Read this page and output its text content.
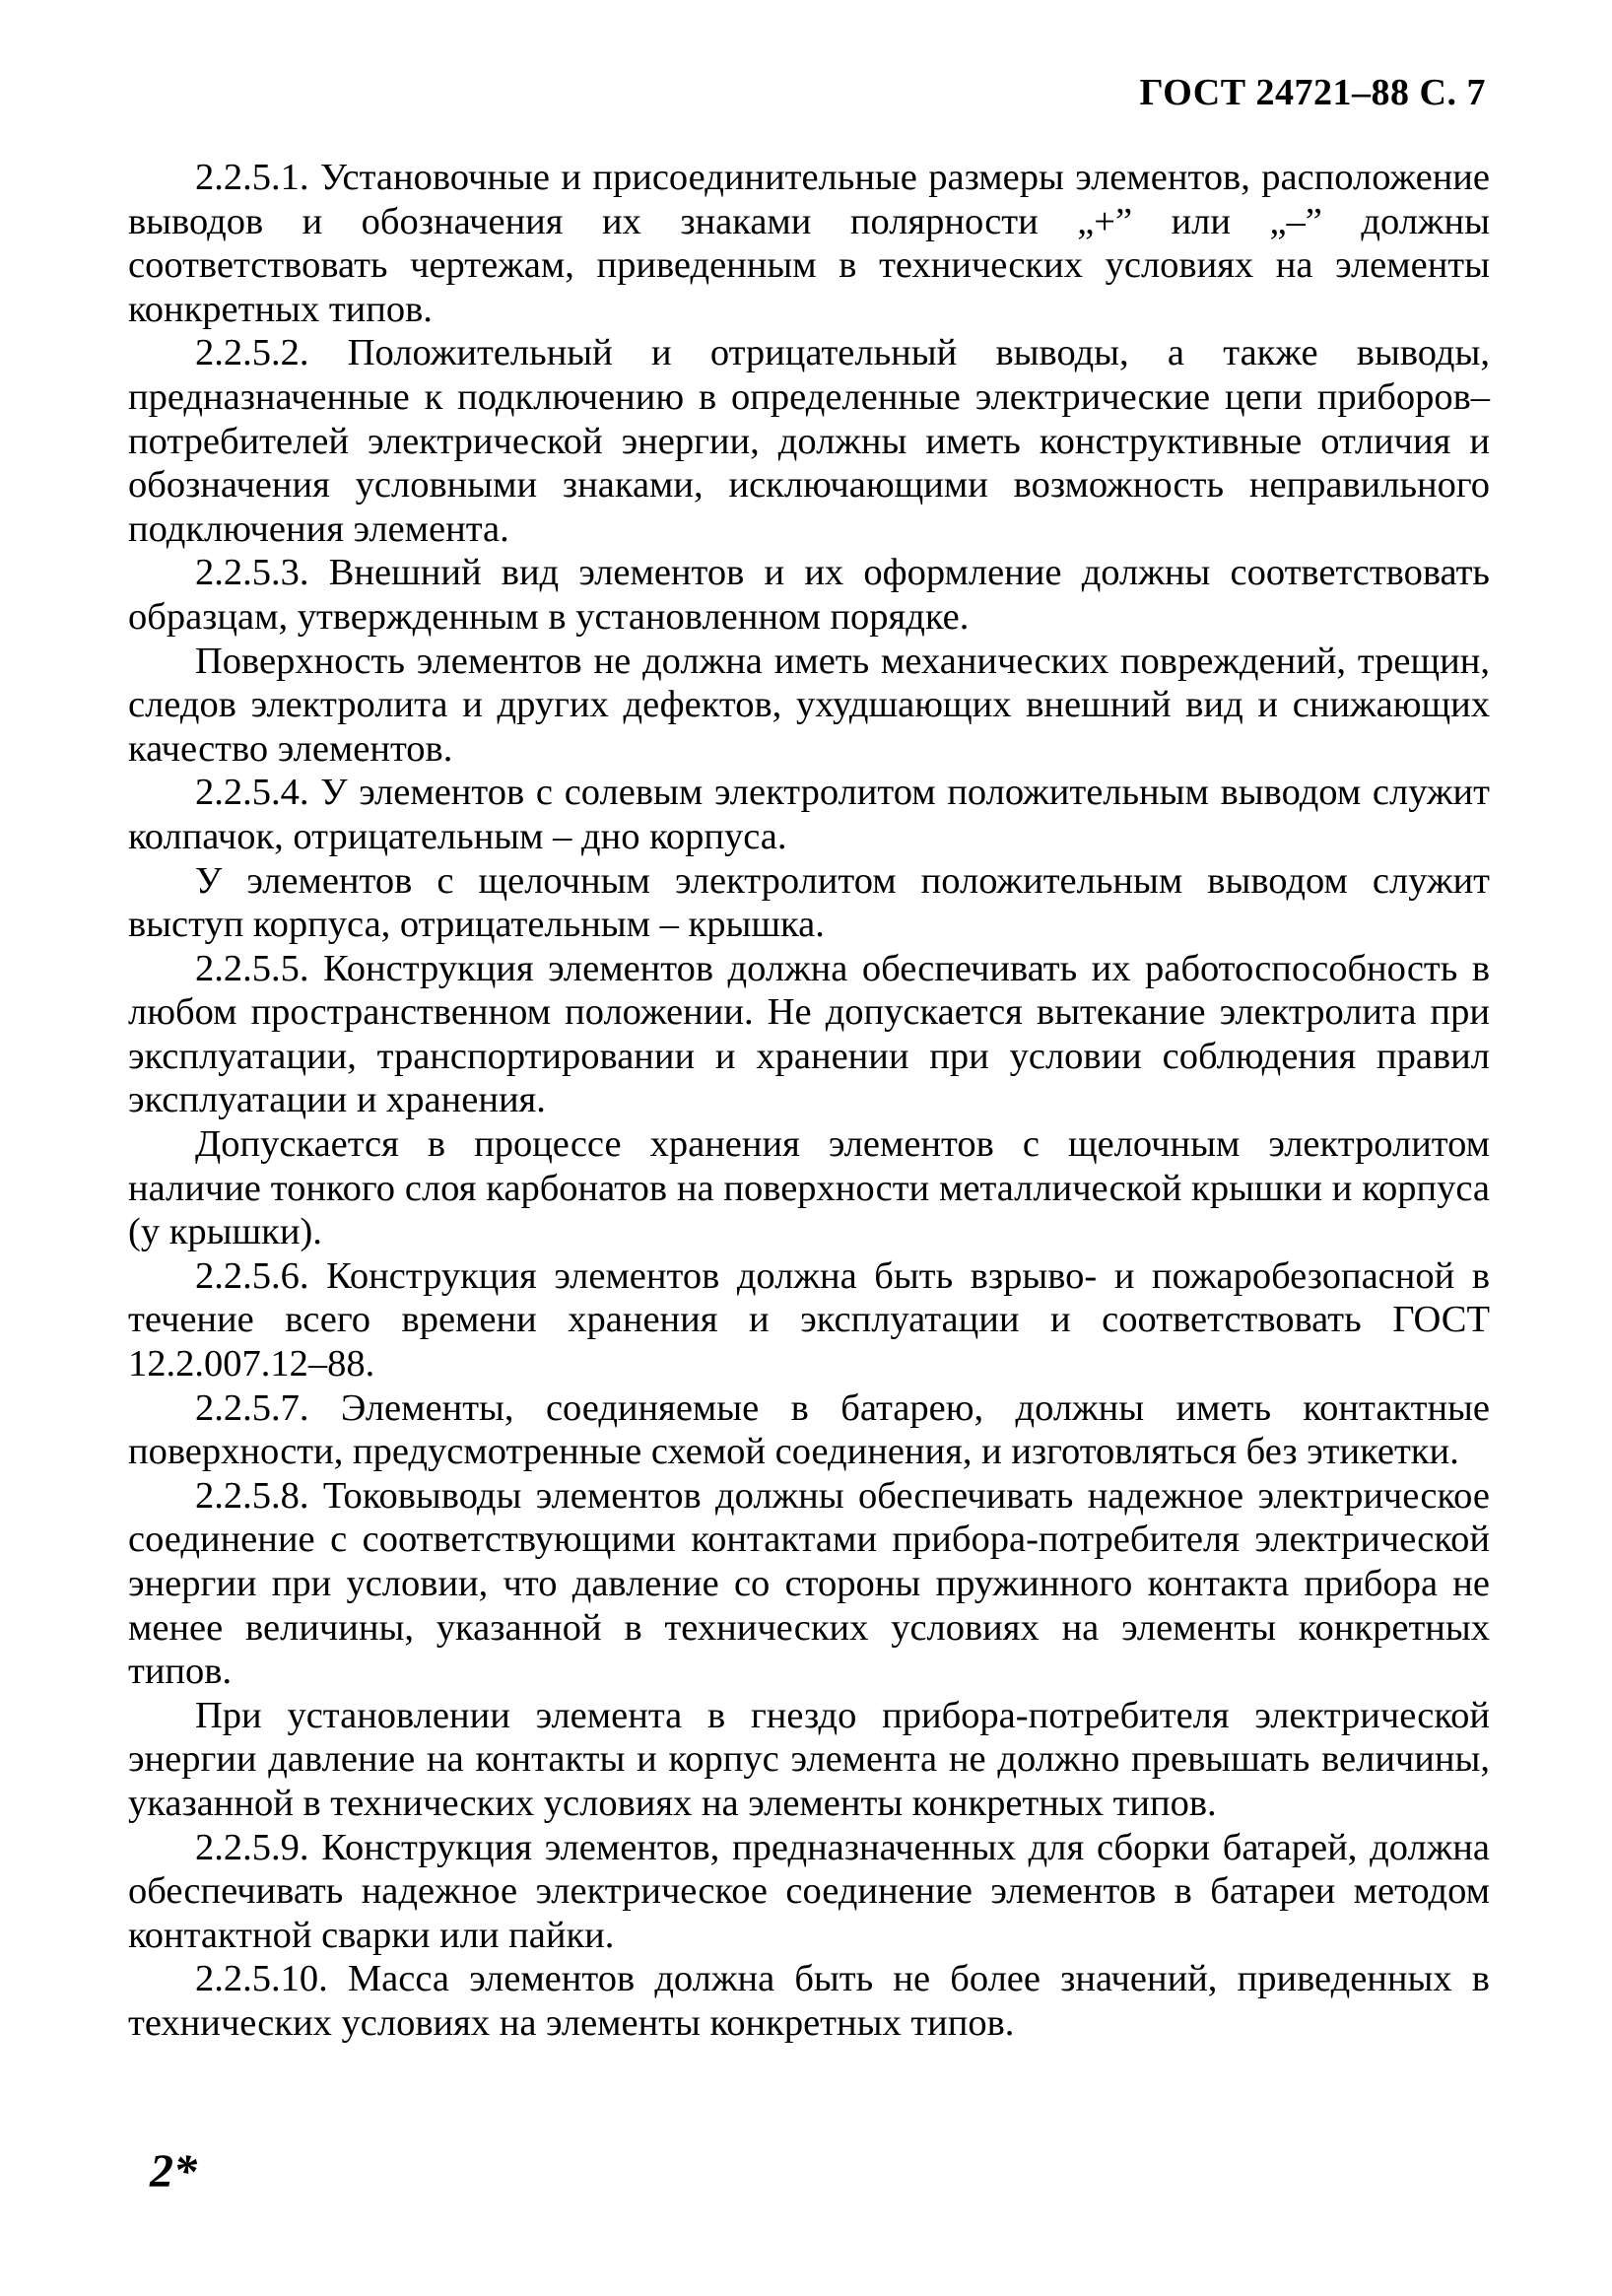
ГОСТ 24721–88 С. 7

2.2.5.1. Установочные и присоединительные размеры элементов, расположение выводов и обозначения их знаками полярности „+” или „–” должны соответствовать чертежам, приведенным в технических условиях на элементы конкретных типов.

2.2.5.2. Положительный и отрицательный выводы, а также выводы, предназначенные к подключению в определенные электрические цепи приборов–потребителей электрической энергии, должны иметь конструктивные отличия и обозначения условными знаками, исключающими возможность неправильного подключения элемента.

2.2.5.3. Внешний вид элементов и их оформление должны соответствовать образцам, утвержденным в установленном порядке.

Поверхность элементов не должна иметь механических повреждений, трещин, следов электролита и других дефектов, ухудшающих внешний вид и снижающих качество элементов.

2.2.5.4. У элементов с солевым электролитом положительным выводом служит колпачок, отрицательным – дно корпуса.

У элементов с щелочным электролитом положительным выводом служит выступ корпуса, отрицательным – крышка.

2.2.5.5. Конструкция элементов должна обеспечивать их работоспособность в любом пространственном положении. Не допускается вытекание электролита при эксплуатации, транспортировании и хранении при условии соблюдения правил эксплуатации и хранения.

Допускается в процессе хранения элементов с щелочным электролитом наличие тонкого слоя карбонатов на поверхности металлической крышки и корпуса (у крышки).

2.2.5.6. Конструкция элементов должна быть взрыво- и пожаробезопасной в течение всего времени хранения и эксплуатации и соответствовать ГОСТ 12.2.007.12–88.

2.2.5.7. Элементы, соединяемые в батарею, должны иметь контактные поверхности, предусмотренные схемой соединения, и изготовляться без этикетки.

2.2.5.8. Токовыводы элементов должны обеспечивать надежное электрическое соединение с соответствующими контактами прибора-потребителя электрической энергии при условии, что давление со стороны пружинного контакта прибора не менее величины, указанной в технических условиях на элементы конкретных типов.

При установлении элемента в гнездо прибора-потребителя электрической энергии давление на контакты и корпус элемента не должно превышать величины, указанной в технических условиях на элементы конкретных типов.

2.2.5.9. Конструкция элементов, предназначенных для сборки батарей, должна обеспечивать надежное электрическое соединение элементов в батареи методом контактной сварки или пайки.

2.2.5.10. Масса элементов должна быть не более значений, приведенных в технических условиях на элементы конкретных типов.

2*
